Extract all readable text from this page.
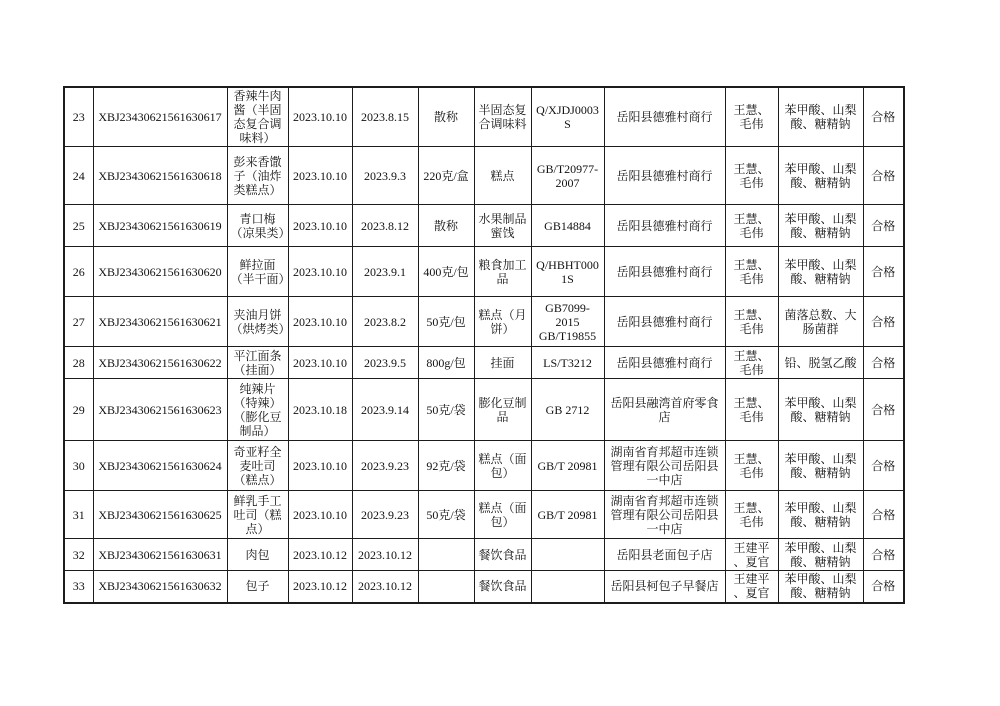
23	XBJ23430621561630617	香辣牛肉酱（半固态复合调味料）	2023.10.10	2023.8.15	散称	半固态复合调味料	Q/XJDJ0003S	岳阳县德雅村商行	王慧、毛伟	苯甲酸、山梨酸、糖精钠	合格
24	XBJ23430621561630618	彭来香馓子（油炸类糕点）	2023.10.10	2023.9.3	220克/盒	糕点	GB/T20977-2007	岳阳县德雅村商行	王慧、毛伟	苯甲酸、山梨酸、糖精钠	合格
25	XBJ23430621561630619	青口梅（凉果类）	2023.10.10	2023.8.12	散称	水果制品蜜饯	GB14884	岳阳县德雅村商行	王慧、毛伟	苯甲酸、山梨酸、糖精钠	合格
26	XBJ23430621561630620	鲜拉面（半干面）	2023.10.10	2023.9.1	400克/包	粮食加工品	Q/HBHT0001S	岳阳县德雅村商行	王慧、毛伟	苯甲酸、山梨酸、糖精钠	合格
27	XBJ23430621561630621	夹油月饼（烘烤类）	2023.10.10	2023.8.2	50克/包	糕点（月饼）	GB7099-2015 GB/T19855	岳阳县德雅村商行	王慧、毛伟	菌落总数、大肠菌群	合格
28	XBJ23430621561630622	平江面条（挂面）	2023.10.10	2023.9.5	800g/包	挂面	LS/T3212	岳阳县德雅村商行	王慧、毛伟	铅、脱氢乙酸	合格
29	XBJ23430621561630623	纯辣片（特辣）（膨化豆制品）	2023.10.18	2023.9.14	50克/袋	膨化豆制品	GB 2712	岳阳县融湾首府零食店	王慧、毛伟	苯甲酸、山梨酸、糖精钠	合格
30	XBJ23430621561630624	奇亚籽全麦吐司（糕点）	2023.10.10	2023.9.23	92克/袋	糕点（面包）	GB/T 20981	湖南省育邦超市连锁管理有限公司岳阳县一中店	王慧、毛伟	苯甲酸、山梨酸、糖精钠	合格
31	XBJ23430621561630625	鲜乳手工吐司（糕点）	2023.10.10	2023.9.23	50克/袋	糕点（面包）	GB/T 20981	湖南省育邦超市连锁管理有限公司岳阳县一中店	王慧、毛伟	苯甲酸、山梨酸、糖精钠	合格
32	XBJ23430621561630631	肉包	2023.10.12	2023.10.12		餐饮食品		岳阳县老面包子店	王建平、夏官	苯甲酸、山梨酸、糖精钠	合格
33	XBJ23430621561630632	包子	2023.10.12	2023.10.12		餐饮食品		岳阳县柯包子早餐店	王建平、夏官	苯甲酸、山梨酸、糖精钠	合格
